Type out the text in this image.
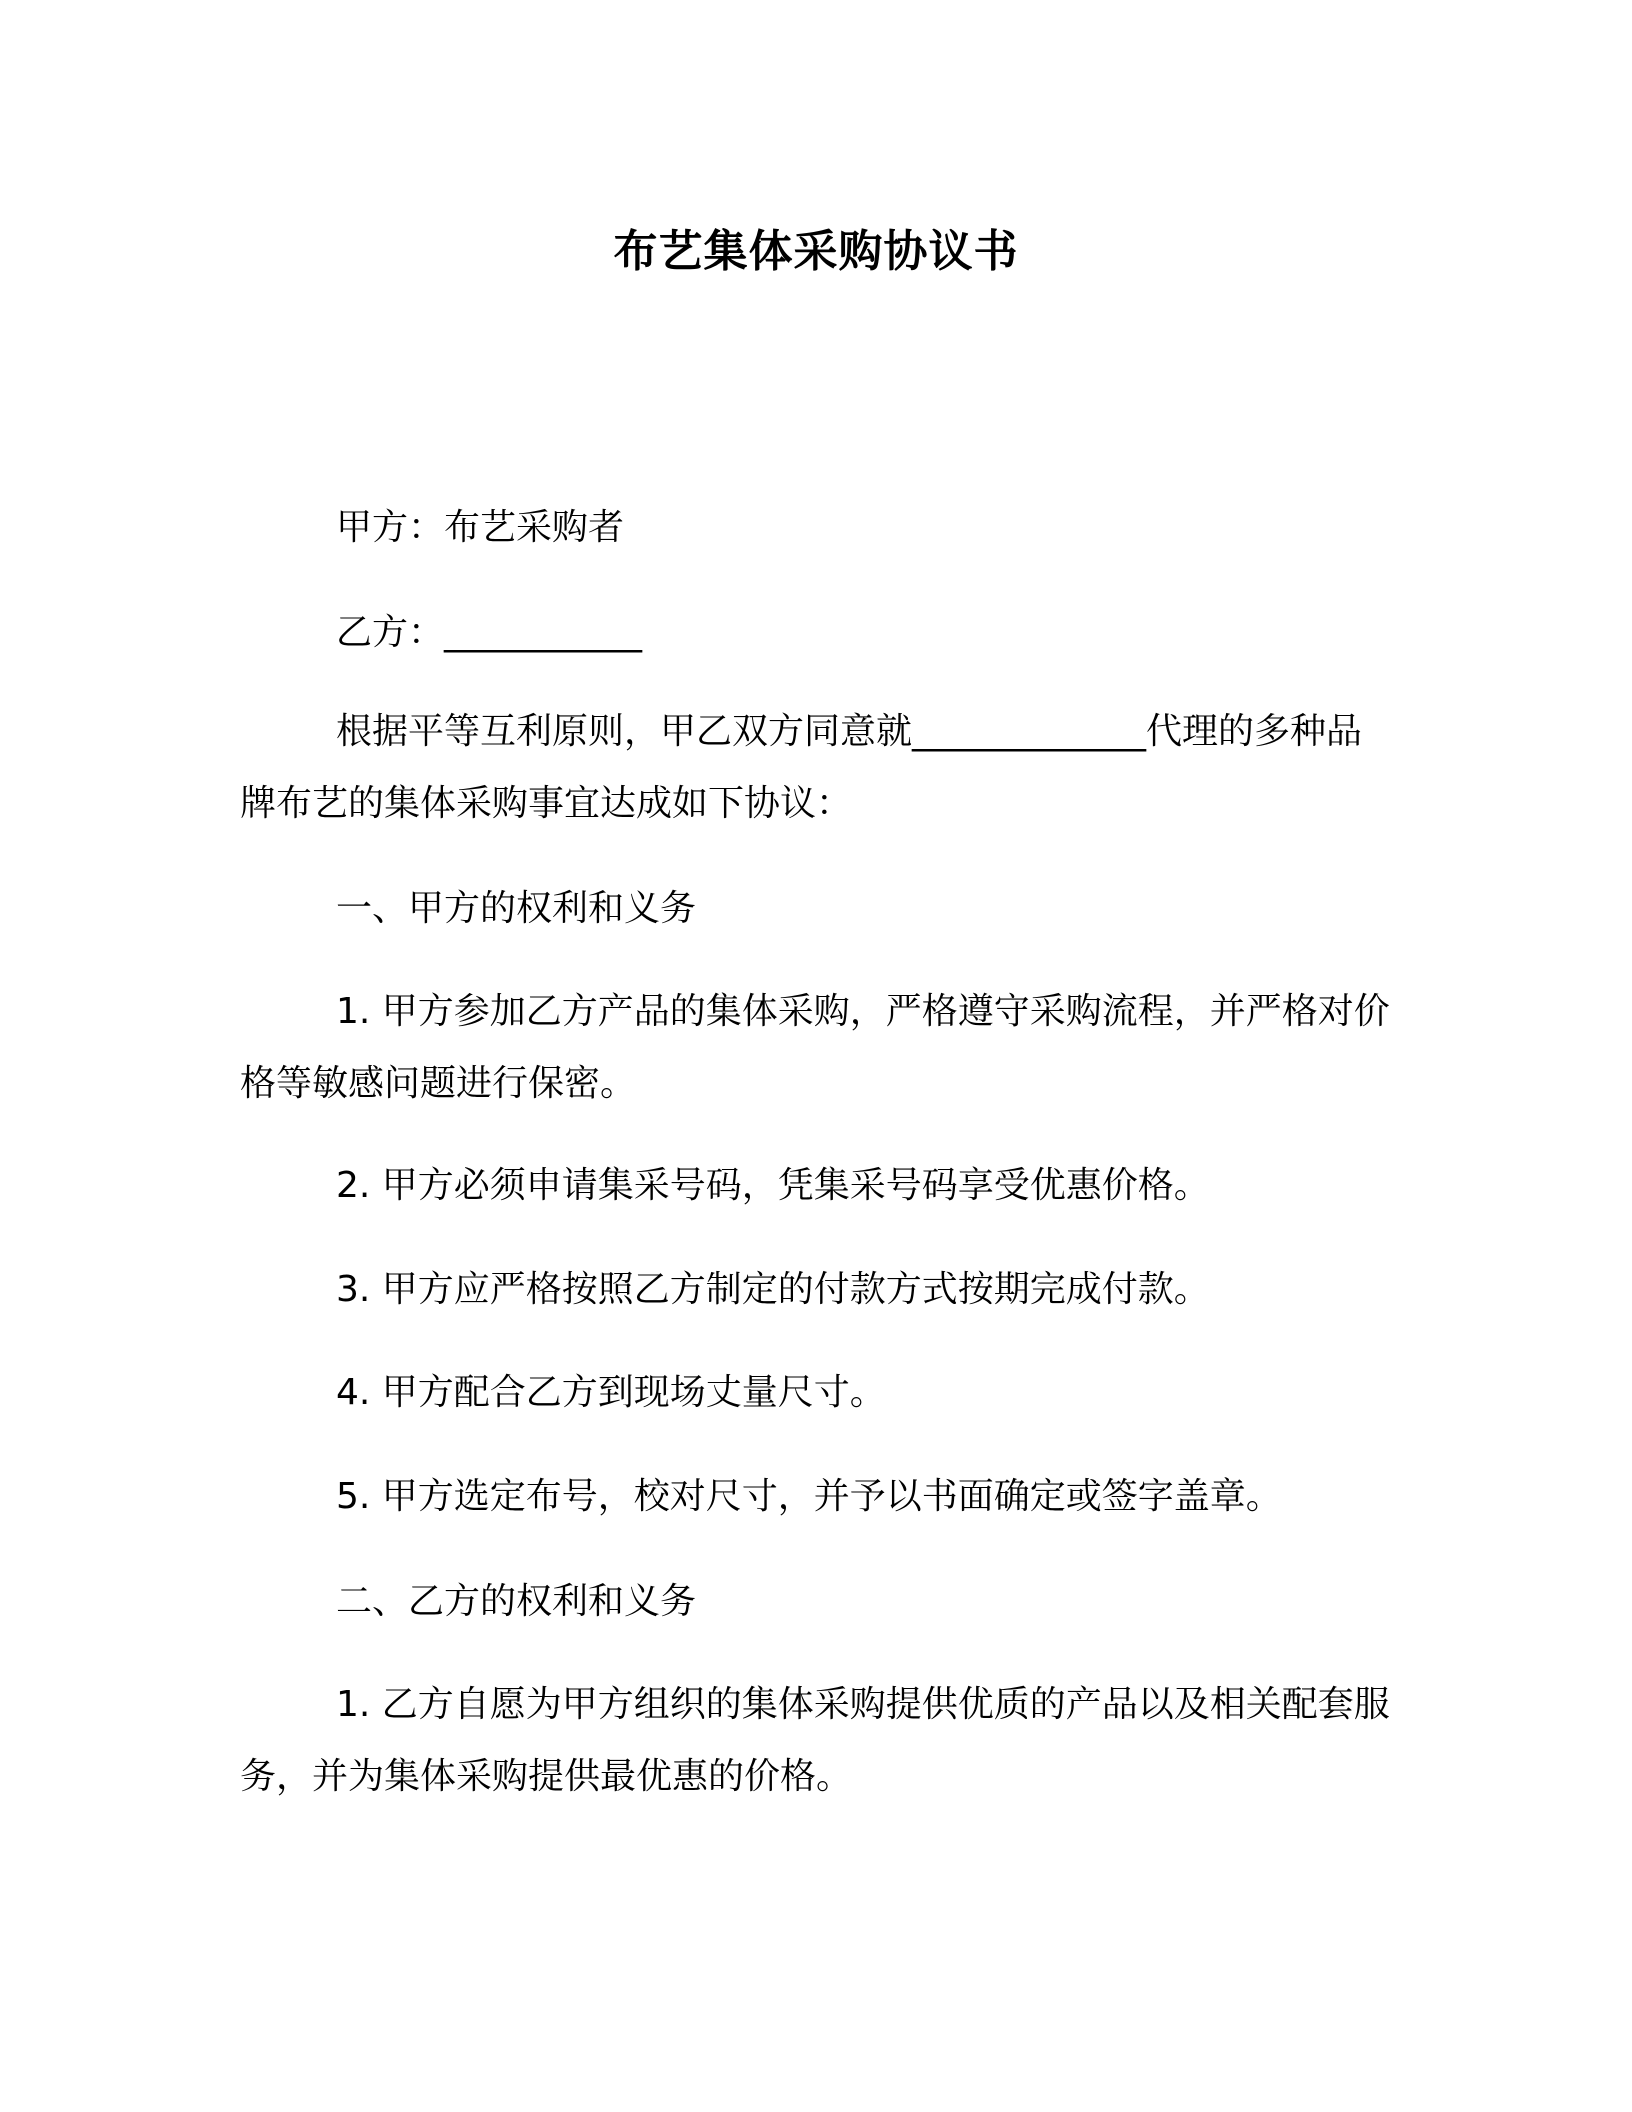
布艺集体采购协议书

甲方：布艺采购者

乙方：___________

根据平等互利原则，甲乙双方同意就_____________代理的多种品牌布艺的集体采购事宜达成如下协议：

一、甲方的权利和义务

1. 甲方参加乙方产品的集体采购，严格遵守采购流程，并严格对价格等敏感问题进行保密。

2. 甲方必须申请集采号码，凭集采号码享受优惠价格。

3. 甲方应严格按照乙方制定的付款方式按期完成付款。

4. 甲方配合乙方到现场丈量尺寸。

5. 甲方选定布号，校对尺寸，并予以书面确定或签字盖章。

二、乙方的权利和义务

1. 乙方自愿为甲方组织的集体采购提供优质的产品以及相关配套服务，并为集体采购提供最优惠的价格。
